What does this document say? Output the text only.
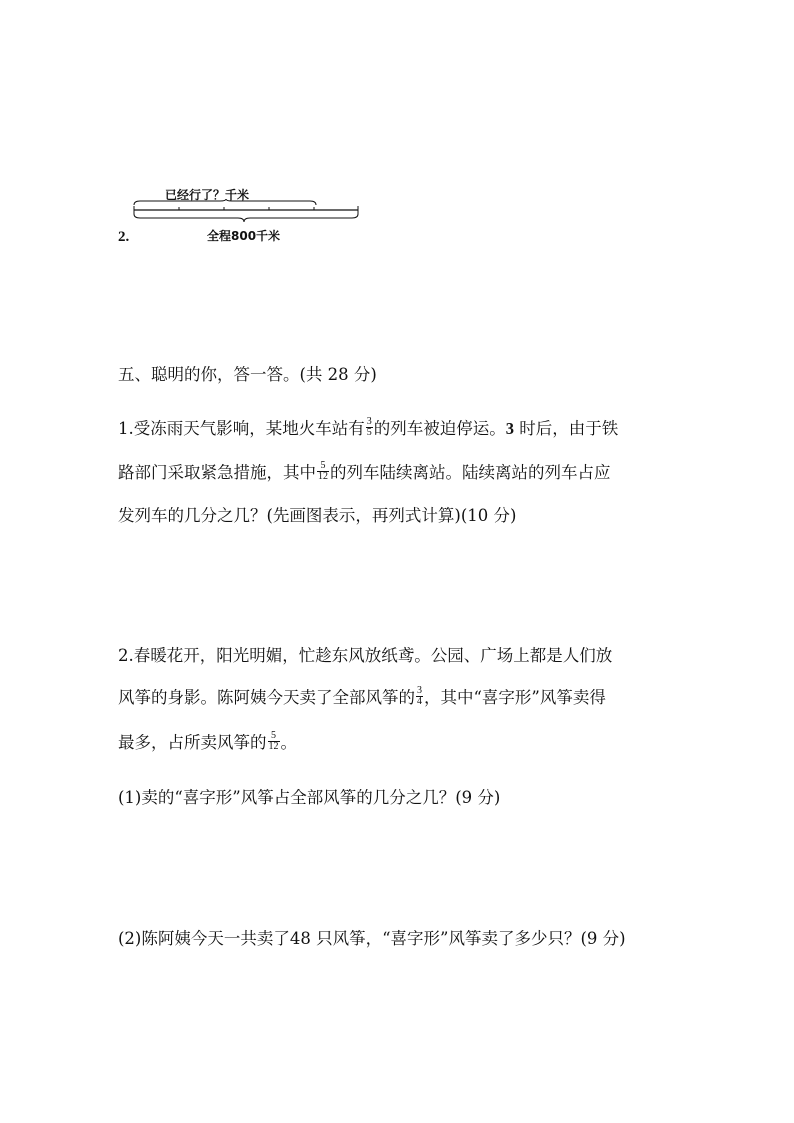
2.
已经行了？千米
全程800千米
五、聪明的你，答一答。(共 28 分)
1.受冻雨天气影响，某地火车站有 $\frac{3}{5}$ 的列车被迫停运。3 时后，由于铁
路部门采取紧急措施，其中 $\frac{5}{12}$ 的列车陆续离站。陆续离站的列车占应
发列车的几分之几？(先画图表示，再列式计算)(10 分)
2.春暖花开，阳光明媚，忙趁东风放纸鸢。公园、广场上都是人们放
风筝的身影。陈阿姨今天卖了全部风筝的 $\frac{3}{4}$ ，其中“喜字形”风筝卖得
最多，占所卖风筝的 $\frac{5}{12}$ 。
(1)卖的“喜字形”风筝占全部风筝的几分之几？(9 分)
(2)陈阿姨今天一共卖了48 只风筝，“喜字形”风筝卖了多少只？(9 分)
